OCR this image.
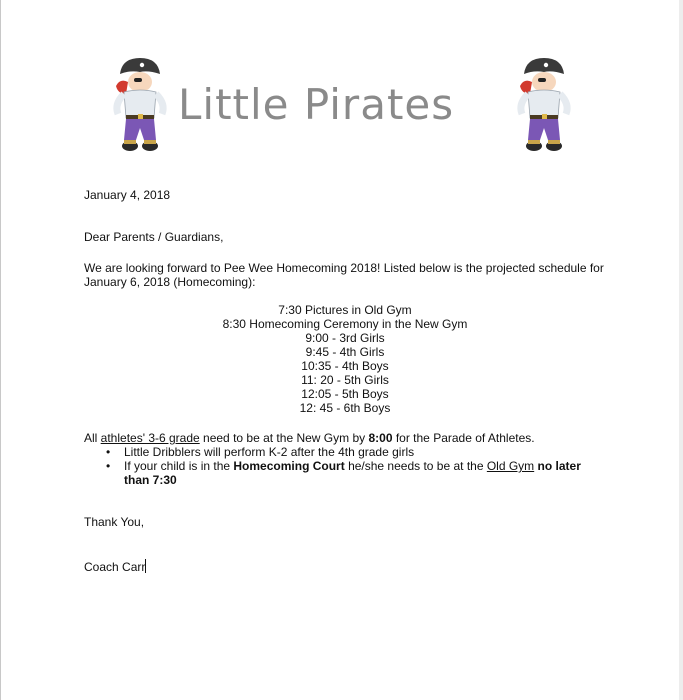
Little Pirates
January 4, 2018
Dear Parents / Guardians,
We are looking forward to Pee Wee Homecoming 2018! Listed below is the projected schedule for January 6, 2018 (Homecoming):
7:30 Pictures in Old Gym
8:30 Homecoming Ceremony in the New Gym
9:00 - 3rd Girls
9:45 - 4th Girls
10:35 - 4th Boys
11: 20 - 5th Girls
12:05 - 5th Boys
12: 45 - 6th Boys
All athletes' 3-6 grade need to be at the New Gym by 8:00 for the Parade of Athletes.
• Little Dribblers will perform K-2 after the 4th grade girls
• If your child is in the Homecoming Court he/she needs to be at the Old Gym no later
than 7:30
Thank You,
Coach Carr
